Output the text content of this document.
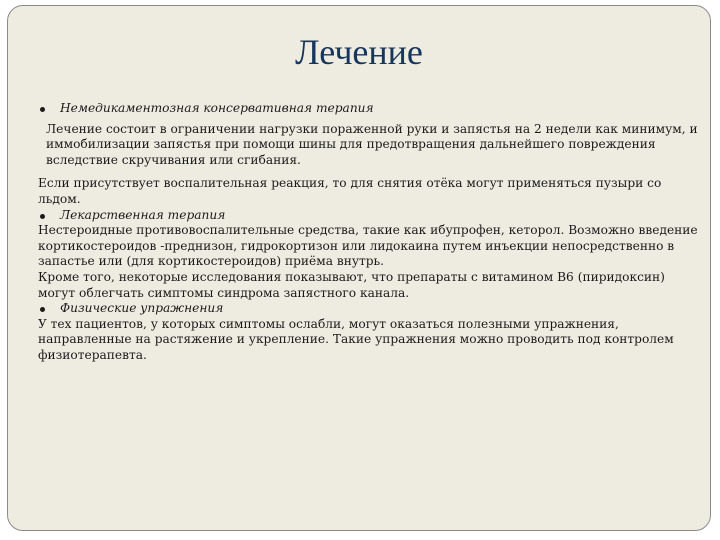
Лечение
Немедикаментозная консервативная терапия

Лечение состоит в ограничении нагрузки пораженной руки и запястья на 2 недели как минимум, и иммобилизации запястья при помощи шины для предотвращения дальнейшего повреждения вследствие скручивания или сгибания.

Если присутствует воспалительная реакция, то для снятия отёка могут применяться пузыри со льдом.

Лекарственная терапия

Нестероидные противовоспалительные средства, такие как ибупрофен, кеторол. Возможно введение кортикостероидов -преднизон, гидрокортизон или лидокаина путем инъекции непосредственно в запастье или (для кортикостероидов) приёма внутрь.

Кроме того, некоторые исследования показывают, что препараты с витамином B6 (пиридоксин) могут облегчать симптомы синдрома запястного канала.

Физические упражнения

У тех пациентов, у которых симптомы ослабли, могут оказаться полезными упражнения, направленные на растяжение и укрепление. Такие упражнения можно проводить под контролем физиотерапевта.
